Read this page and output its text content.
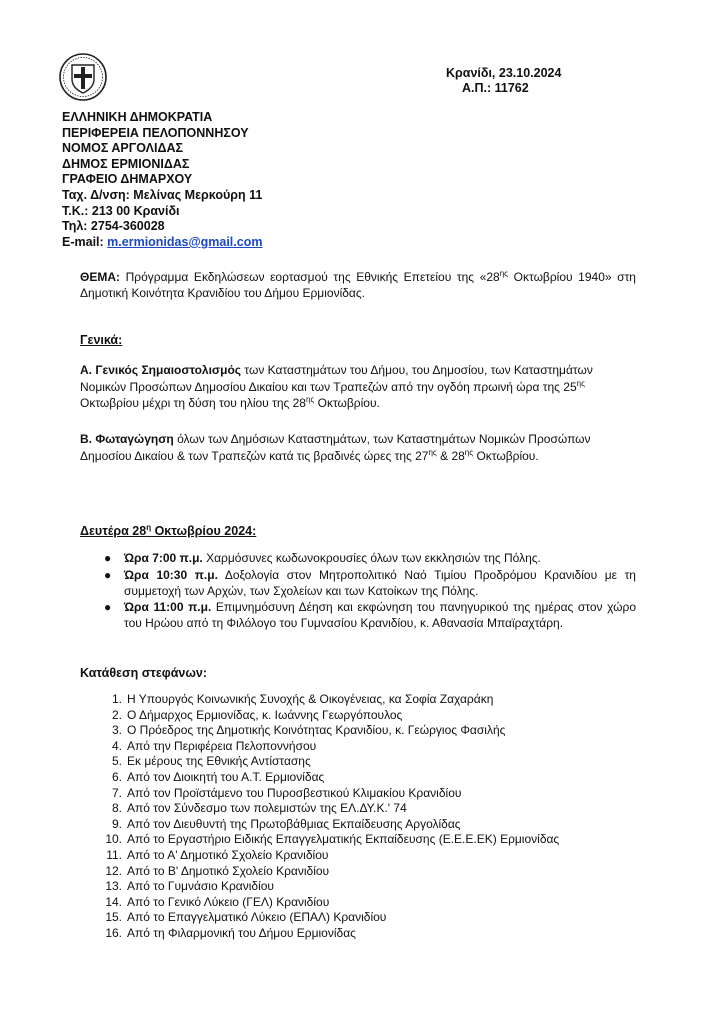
Κρανίδι, 23.10.2024
Α.Π.: 11762
ΕΛΛΗΝΙΚΗ ΔΗΜΟΚΡΑΤΙΑ
ΠΕΡΙΦΕΡΕΙΑ ΠΕΛΟΠΟΝΝΗΣΟΥ
ΝΟΜΟΣ ΑΡΓΟΛΙΔΑΣ
ΔΗΜΟΣ ΕΡΜΙΟΝΙΔΑΣ
ΓΡΑΦΕΙΟ ΔΗΜΑΡΧΟΥ
Ταχ. Δ/νση: Μελίνας Μερκούρη 11
Τ.Κ.: 213 00 Κρανίδι
Τηλ: 2754-360028
E-mail: m.ermionidas@gmail.com
ΘΕΜΑ: Πρόγραμμα Εκδηλώσεων εορτασμού της Εθνικής Επετείου της «$28^{\eta\varsigma}$ Οκτωβρίου 1940» στη Δημοτική Κοινότητα Κρανιδίου του Δήμου Ερμιονίδας.
Γενικά:
Α. Γενικός Σημαιοστολισμός των Καταστημάτων του Δήμου, του Δημοσίου, των Καταστημάτων Νομικών Προσώπων Δημοσίου Δικαίου και των Τραπεζών από την ογδόη πρωινή ώρα της $25^{\eta\varsigma}$ Οκτωβρίου μέχρι τη δύση του ηλίου της $28^{\eta\varsigma}$ Οκτωβρίου.
Β. Φωταγώγηση όλων των Δημόσιων Καταστημάτων, των Καταστημάτων Νομικών Προσώπων Δημοσίου Δικαίου & των Τραπεζών κατά τις βραδινές ώρες της $27^{\eta\varsigma}$ & $28^{\eta\varsigma}$ Οκτωβρίου.
Δευτέρα $28^\eta$ Οκτωβρίου 2024:
● Ώρα 7:00 π.μ. Χαρμόσυνες κωδωνοκρουσίες όλων των εκκλησιών της Πόλης.
● Ώρα 10:30 π.μ. Δοξολογία στον Μητροπολιτικό Ναό Τιμίου Προδρόμου Κρανιδίου με τη συμμετοχή των Αρχών, των Σχολείων και των Κατοίκων της Πόλης.
● Ώρα 11:00 π.μ. Επιμνημόσυνη Δέηση και εκφώνηση του πανηγυρικού της ημέρας στον χώρο του Ηρώου από τη Φιλόλογο του Γυμνασίου Κρανιδίου, κ. Αθανασία Μπαϊραχτάρη.
Κατάθεση στεφάνων:
1. Η Υπουργός Κοινωνικής Συνοχής & Οικογένειας, κα Σοφία Ζαχαράκη
2. Ο Δήμαρχος Ερμιονίδας, κ. Ιωάννης Γεωργόπουλος
3. Ο Πρόεδρος της Δημοτικής Κοινότητας Κρανιδίου, κ. Γεώργιος Φασιλής
4. Από την Περιφέρεια Πελοποννήσου
5. Εκ μέρους της Εθνικής Αντίστασης
6. Από τον Διοικητή του Α.Τ. Ερμιονίδας
7. Από τον Προϊστάμενο του Πυροσβεστικού Κλιμακίου Κρανιδίου
8. Από τον Σύνδεσμο των πολεμιστών της ΕΛ.ΔΥ.Κ.' 74
9. Από τον Διευθυντή της Πρωτοβάθμιας Εκπαίδευσης Αργολίδας
10. Από το Εργαστήριο Ειδικής Επαγγελματικής Εκπαίδευσης (Ε.Ε.Ε.ΕΚ) Ερμιονίδας
11. Από το Α' Δημοτικό Σχολείο Κρανιδίου
12. Από το Β' Δημοτικό Σχολείο Κρανιδίου
13. Από το Γυμνάσιο Κρανιδίου
14. Από το Γενικό Λύκειο (ΓΕΛ) Κρανιδίου
15. Από το Επαγγελματικό Λύκειο (ΕΠΑΛ) Κρανιδίου
16. Από τη Φιλαρμονική του Δήμου Ερμιονίδας
